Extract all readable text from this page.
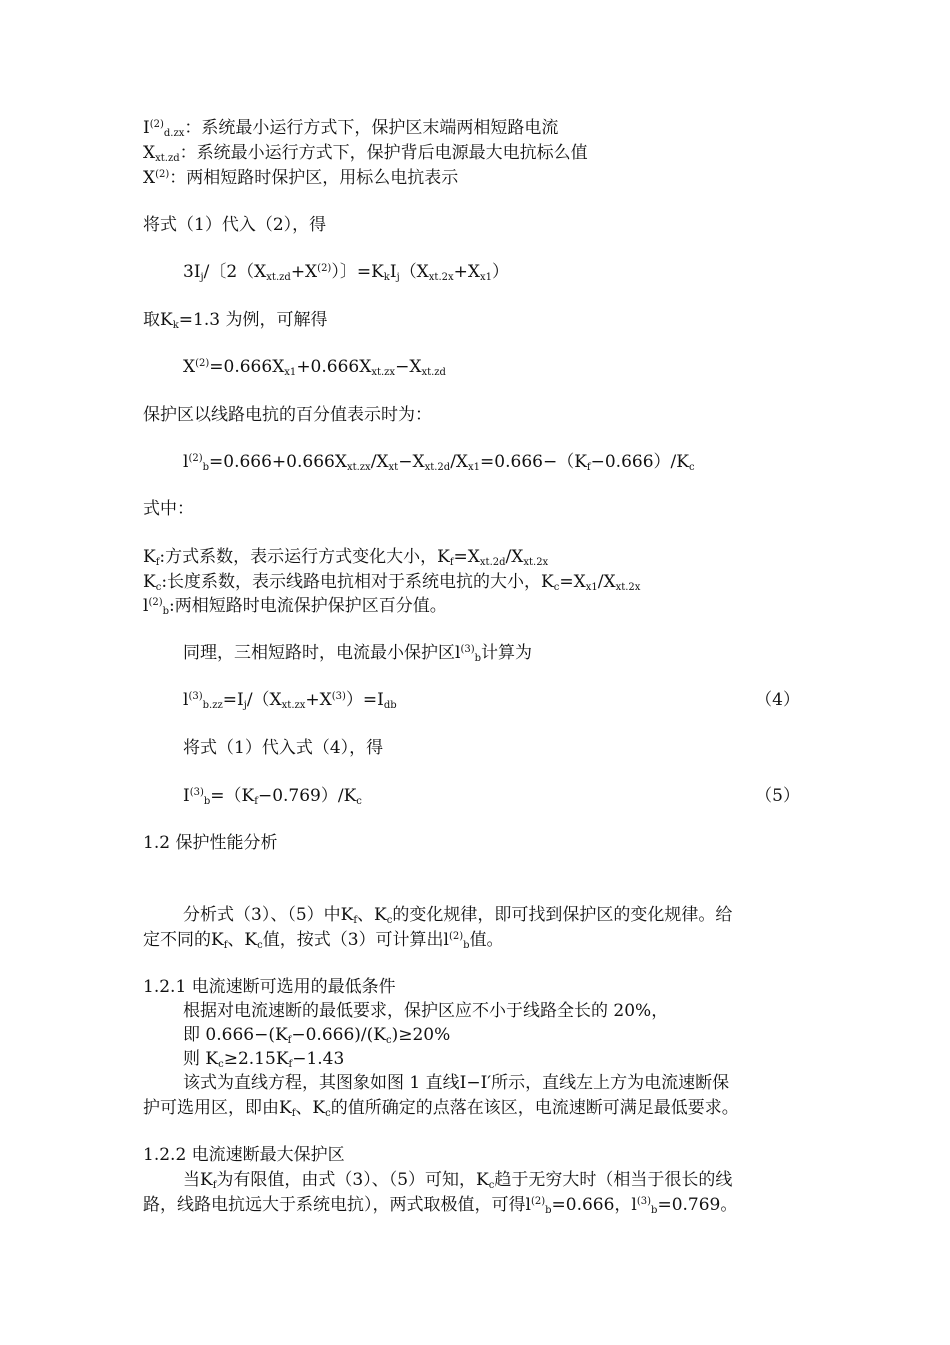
$I^{(2)}_{d.zx}$：系统最小运行方式下，保护区末端两相短路电流
$X_{xt.zd}$：系统最小运行方式下，保护背后电源最大电抗标么值
$X^{(2)}$：两相短路时保护区，用标么电抗表示
将式（1）代入（2），得
$3I_j/$〔$2(X_{xt.zd}+X^{(2)})$〕$=K_kI_j(X_{xt.2x}+X_{x1})$
取$K_k=1.3$ 为例，可解得
$X^{(2)}=0.666X_{x1}+0.666X_{xt.zx}-X_{xt.zd}$
保护区以线路电抗的百分值表示时为：
$l^{(2)}_b=0.666+0.666X_{xt.zx}/X_{xt}-X_{xt.2d}/X_{x1}=0.666-(K_f-0.666)/K_c$
式中：
$K_f$:方式系数，表示运行方式变化大小，$K_f=X_{xt.2d}/X_{xt.2x}$
$K_c$:长度系数，表示线路电抗相对于系统电抗的大小，$K_c=X_{x1}/X_{xt.2x}$
$l^{(2)}_b$:两相短路时电流保护保护区百分值。
同理，三相短路时，电流最小保护区$l^{(3)}_b$计算为
$l^{(3)}_{b.zz}=I_j/(X_{xt.zx}+X^{(3)})=I_{db}$	（4）
将式（1）代入式（4），得
$I^{(3)}_b=(K_f-0.769)/K_c$	（5）
1.2 保护性能分析
分析式（3）、（5）中$K_f$、$K_c$的变化规律，即可找到保护区的变化规律。给
定不同的$K_f$、$K_c$值，按式（3）可计算出$l^{(2)}_b$值。
1.2.1 电流速断可选用的最低条件
根据对电流速断的最低要求，保护区应不小于线路全长的 20%，
即 $0.666-(K_f-0.666)/(K_c)\ge 20\%$
则 $K_c\ge 2.15K_f-1.43$
该式为直线方程，其图象如图 1 直线Ⅰ−Ⅰ′所示，直线左上方为电流速断保
护可选用区，即由$K_f$、$K_c$的值所确定的点落在该区，电流速断可满足最低要求。
1.2.2 电流速断最大保护区
当$K_f$为有限值，由式（3）、（5）可知，$K_c$趋于无穷大时（相当于很长的线
路，线路电抗远大于系统电抗），两式取极值，可得$l^{(2)}_b=0.666$，$l^{(3)}_b=0.769$。
